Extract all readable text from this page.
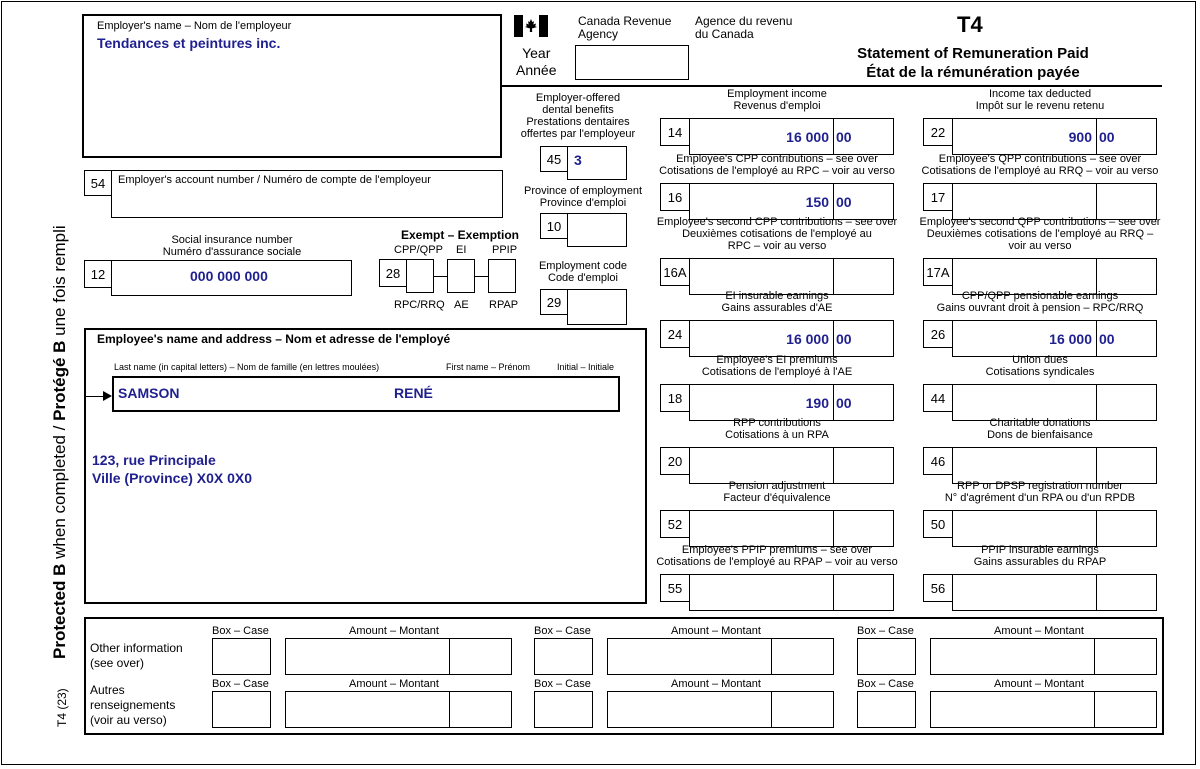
Protected B when completed / Protégé B une fois rempli
T4 (23)
Employer's name – Nom de l'employeur
Tendances et peintures inc.
Canada Revenue
Agency
Agence du revenu
du Canada	T4
Statement of Remuneration Paid
État de la rémunération payée
Year
Année
54	Employer's account number / Numéro de compte de l'employeur
Social insurance number
Numéro d'assurance sociale
12	000 000 000
Exempt – Exemption
CPP/QPP EI PPIP
28
RPC/RRQ AE RPAP
Employer-offered
dental benefits
Prestations dentaires
offertes par l'employeur
45 3
Province of employment
Province d'emploi
10
Employment code
Code d'emploi
29
Employee's name and address – Nom et adresse de l'employé
Last name (in capital letters) – Nom de famille (en lettres moulées)	First name – Prénom	Initial – Initiale
SAMSON	RENÉ
123, rue Principale
Ville (Province) X0X 0X0
Employment income
Revenus d'emploi
14	16 000 00
Income tax deducted
Impôt sur le revenu retenu
22	900 00
Employee's CPP contributions – see over
Cotisations de l'employé au RPC – voir au verso
16	150 00
Employee's QPP contributions – see over
Cotisations de l'employé au RRQ – voir au verso
17
Employee's second CPP contributions – see over
Deuxièmes cotisations de l'employé au
RPC – voir au verso
16A
Employee's second QPP contributions – see over
Deuxièmes cotisations de l'employé au RRQ –
voir au verso
17A
EI insurable earnings
Gains assurables d'AE
24	16 000 00
CPP/QPP pensionable earnings
Gains ouvrant droit à pension – RPC/RRQ
26	16 000 00
Employee's EI premiums
Cotisations de l'employé à l'AE
18	190 00
Union dues
Cotisations syndicales
44
RPP contributions
Cotisations à un RPA
20
Charitable donations
Dons de bienfaisance
46
Pension adjustment
Facteur d'équivalence
52
RPP or DPSP registration number
N° d'agrément d'un RPA ou d'un RPDB
50
Employee's PPIP premiums – see over
Cotisations de l'employé au RPAP – voir au verso
55
PPIP insurable earnings
Gains assurables du RPAP
56
Other information
(see over)
Autres
renseignements
(voir au verso)
Box – Case	Amount – Montant	Box – Case	Amount – Montant	Box – Case	Amount – Montant
Box – Case	Amount – Montant	Box – Case	Amount – Montant	Box – Case	Amount – Montant
